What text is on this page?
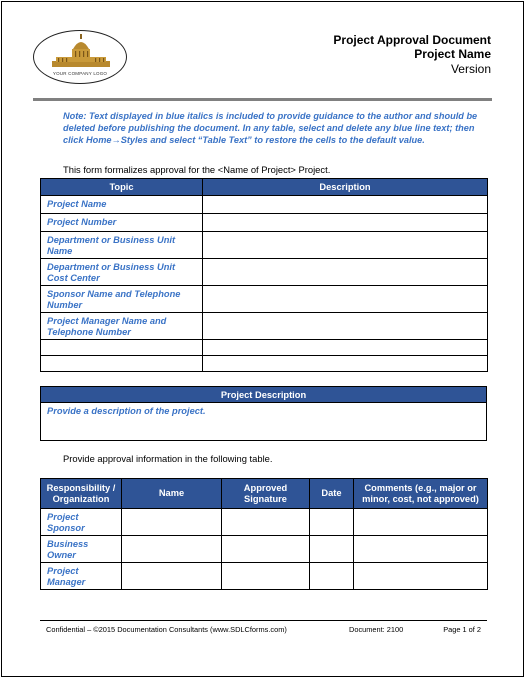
YOUR COMPANY LOGO
Project Approval Document
Project Name
Version
Note: Text displayed in blue italics is included to provide guidance to the author and should be deleted before publishing the document. In any table, select and delete any blue line text; then click Home→Styles and select “Table Text” to restore the cells to the default value.
This form formalizes approval for the <Name of Project> Project.
Topic	Description
Project Name	
Project Number	
Department or Business Unit Name	
Department or Business Unit Cost Center	
Sponsor Name and Telephone Number	
Project Manager Name and Telephone Number	

Project Description
Provide a description of the project.
Provide approval information in the following table.
Responsibility / Organization	Name	Approved Signature	Date	Comments (e.g., major or minor, cost, not approved)
Project Sponsor				
Business Owner				
Project Manager				
Confidential – ©2015 Documentation Consultants (www.SDLCforms.com)	Document: 2100	Page 1 of 2
